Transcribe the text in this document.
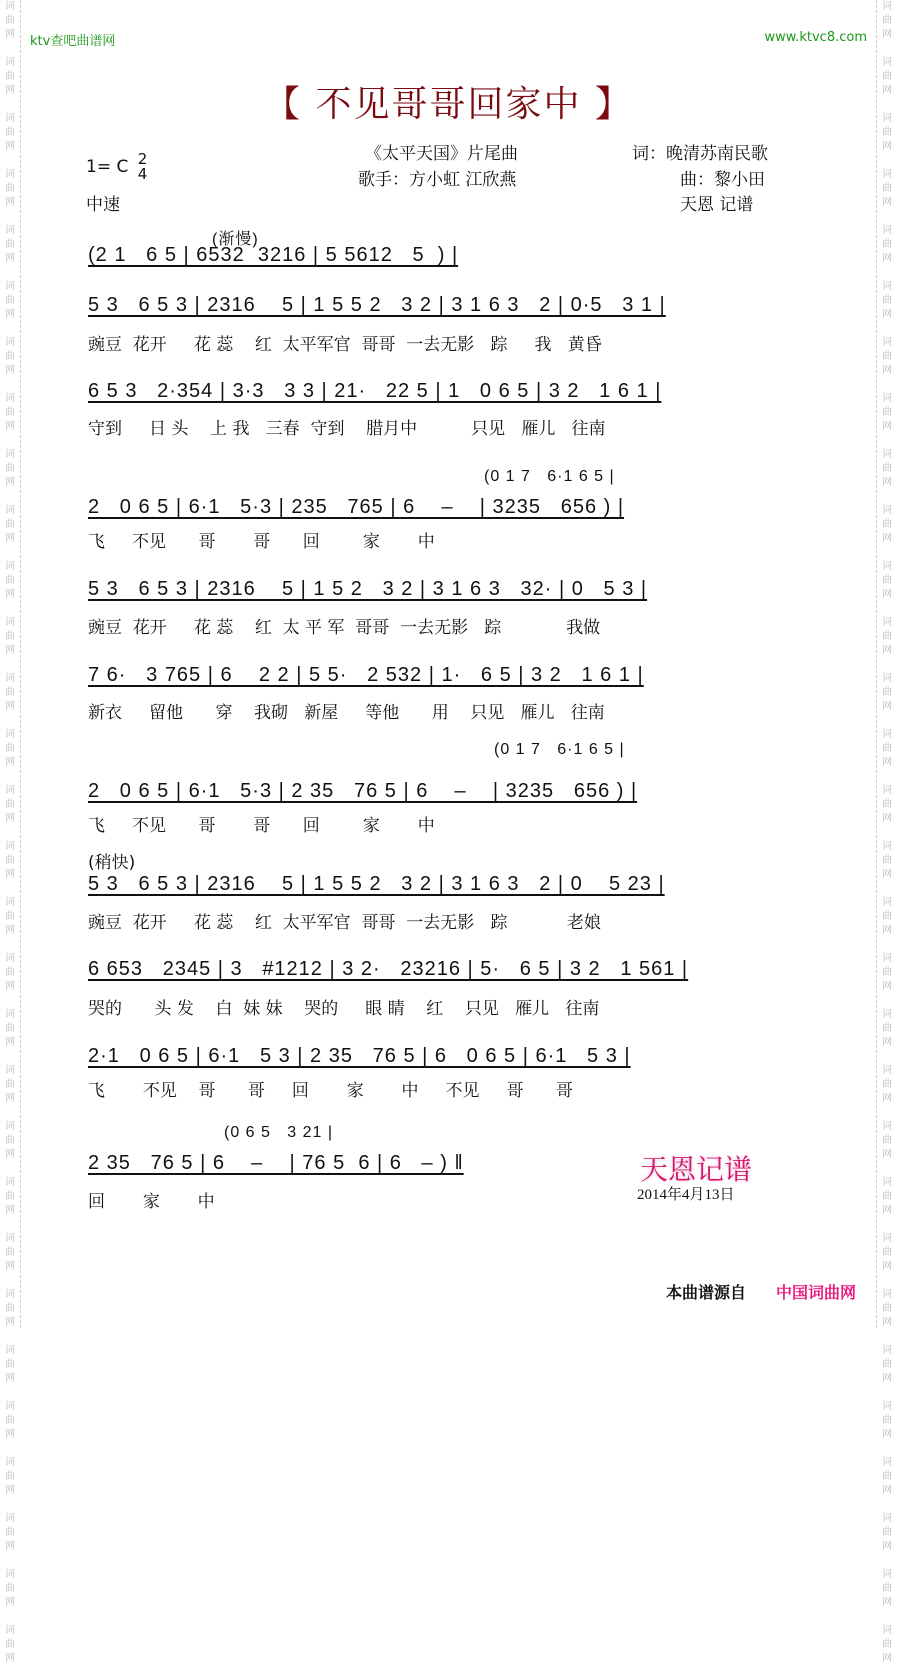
词
曲
网

词
曲
网

词
曲
网

词
曲
网

词
曲
网

词
曲
网

词
曲
网

词
曲
网

词
曲
网

词
曲
网

词
曲
网

词
曲
网

词
曲
网

词
曲
网

词
曲
网

词
曲
网

词
曲
网

词
曲
网

词
曲
网

词
曲
网

词
曲
网

词
曲
网

词
曲
网

词
曲
网

词
曲
网

词
曲
网

词
曲
网

词
曲
网

词
曲
网

词
曲
网

词
曲
网

词
曲
网

词
曲
网

词
曲
网

词
曲
网

词
曲
网

词
曲
网

词
曲
网

词
曲
网

词
曲
网

词
曲
网

词
曲
网

词
曲
网

词
曲
网

词
曲
网

词
曲
网

词
曲
网

词
曲
网

词
曲
网

词
曲
网

词
曲
网

词
曲
网

词
曲
网

词
曲
网

词
曲
网

词
曲
网

词
曲
网

词
曲
网

词
曲
网

词
曲
网

ktv查吧曲谱网	www.ktvc8.com
【 不见哥哥回家中 】
1= C 2
4
中速
《太平天国》片尾曲
歌手：方小虹 江欣燕
词：晚清苏南民歌
曲：黎小田
天恩 记谱
(渐慢)
(2 1   6 5 | 6532  3216 | 5 5612   5  ) |
5 3   6 5 3 | 2316    5 | 1 5 5 2   3 2 | 3 1 6 3   2 | 0·5   3 1 |
豌豆  花开     花 蕊    红  太平军官  哥哥  一去无影   踪     我   黄昏
6 5 3   2·354 | 3·3   3 3 | 21·   22 5 | 1   0 6 5 | 3 2   1 6 1 |
守到     日 头    上 我   三春  守到    腊月中          只见   雁儿   往南
(0 1 7   6·1 6 5 |
2   0 6 5 | 6·1   5·3 | 235   765 | 6    –    | 3235   656 ) |
飞     不见      哥       哥      回        家       中
5 3   6 5 3 | 2316    5 | 1 5 2   3 2 | 3 1 6 3   32· | 0   5 3 |
豌豆  花开     花 蕊    红  太 平 军  哥哥  一去无影   踪            我做
7 6·   3 765 | 6    2 2 | 5 5·   2 532 | 1·   6 5 | 3 2   1 6 1 |
新衣     留他      穿    我砌   新屋     等他      用    只见   雁儿   往南
(0 1 7   6·1 6 5 |
2   0 6 5 | 6·1   5·3 | 2 35   76 5 | 6    –    | 3235   656 ) |
飞     不见      哥       哥      回        家       中
(稍快)
5 3   6 5 3 | 2316    5 | 1 5 5 2   3 2 | 3 1 6 3   2 | 0    5 23 |
豌豆  花开     花 蕊    红  太平军官  哥哥  一去无影   踪           老娘
6 653   2345 | 3   #1212 | 3 2·   23216 | 5·   6 5 | 3 2   1 561 |
哭的      头 发    白  妹 妹    哭的     眼 睛    红    只见   雁儿   往南
2·1   0 6 5 | 6·1   5 3 | 2 35   76 5 | 6   0 6 5 | 6·1   5 3 |
飞       不见    哥      哥     回       家       中     不见     哥      哥
(0 6 5   3 21 |
2 35   76 5 | 6    –    | 76 5  6 | 6   – ) ‖
回       家       中
天恩记谱
2014年4月13日
本曲谱源自 中国词曲网
